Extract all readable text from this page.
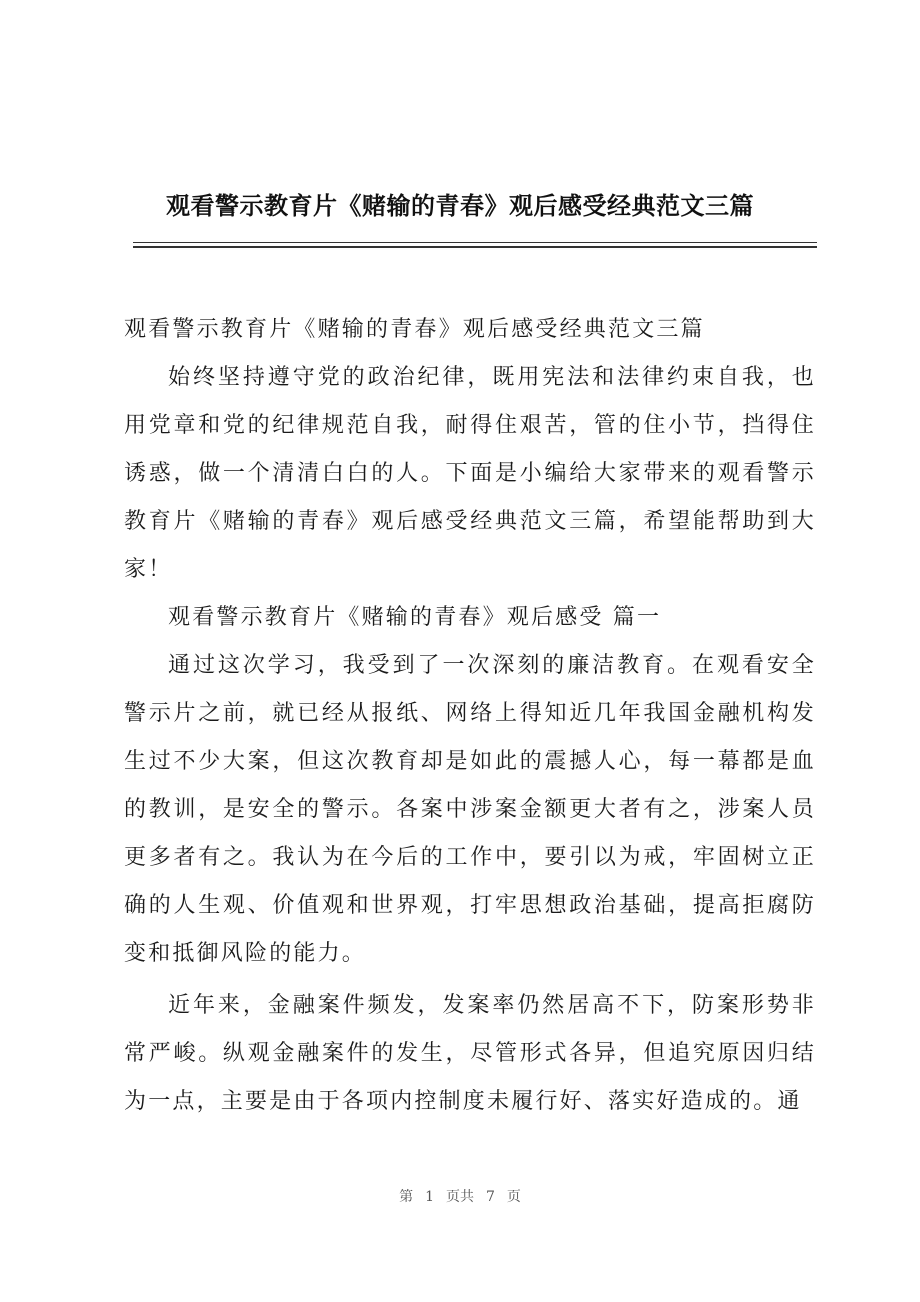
观看警示教育片《赌输的青春》观后感受经典范文三篇

观看警示教育片《赌输的青春》观后感受经典范文三篇

始终坚持遵守党的政治纪律，既用宪法和法律约束自我，也用党章和党的纪律规范自我，耐得住艰苦，管的住小节，挡得住诱惑，做一个清清白白的人。下面是小编给大家带来的观看警示教育片《赌输的青春》观后感受经典范文三篇，希望能帮助到大家！

观看警示教育片《赌输的青春》观后感受 篇一

通过这次学习，我受到了一次深刻的廉洁教育。在观看安全警示片之前，就已经从报纸、网络上得知近几年我国金融机构发生过不少大案，但这次教育却是如此的震撼人心，每一幕都是血的教训，是安全的警示。各案中涉案金额更大者有之，涉案人员更多者有之。我认为在今后的工作中，要引以为戒，牢固树立正确的人生观、价值观和世界观，打牢思想政治基础，提高拒腐防变和抵御风险的能力。

近年来，金融案件频发，发案率仍然居高不下，防案形势非常严峻。纵观金融案件的发生，尽管形式各异，但追究原因归结为一点，主要是由于各项内控制度未履行好、落实好造成的。通

第 1 页共 7 页
